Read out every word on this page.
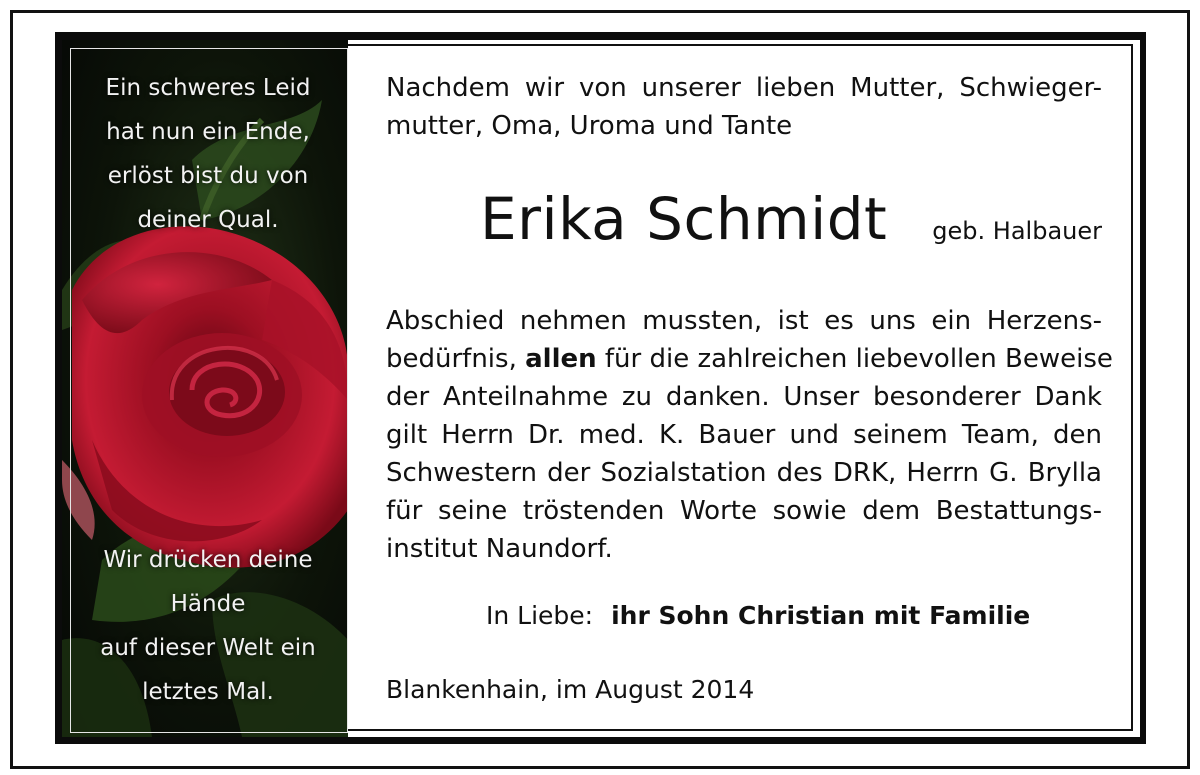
Ein schweres Leid
hat nun ein Ende,
erlöst bist du von
deiner Qual.
Wir drücken deine
Hände
auf dieser Welt ein
letztes Mal.
Nachdem wir von unserer lieben Mutter, Schwieger-
mutter, Oma, Uroma und Tante
Erika Schmidt geb. Halbauer
Abschied nehmen mussten, ist es uns ein Herzens-
bedürfnis, allen für die zahlreichen liebevollen Beweise
der Anteilnahme zu danken. Unser besonderer Dank
gilt Herrn Dr. med. K. Bauer und seinem Team, den
Schwestern der Sozialstation des DRK, Herrn G. Brylla
für seine tröstenden Worte sowie dem Bestattungs-
institut Naundorf.
In Liebe: ihr Sohn Christian mit Familie
Blankenhain, im August 2014
